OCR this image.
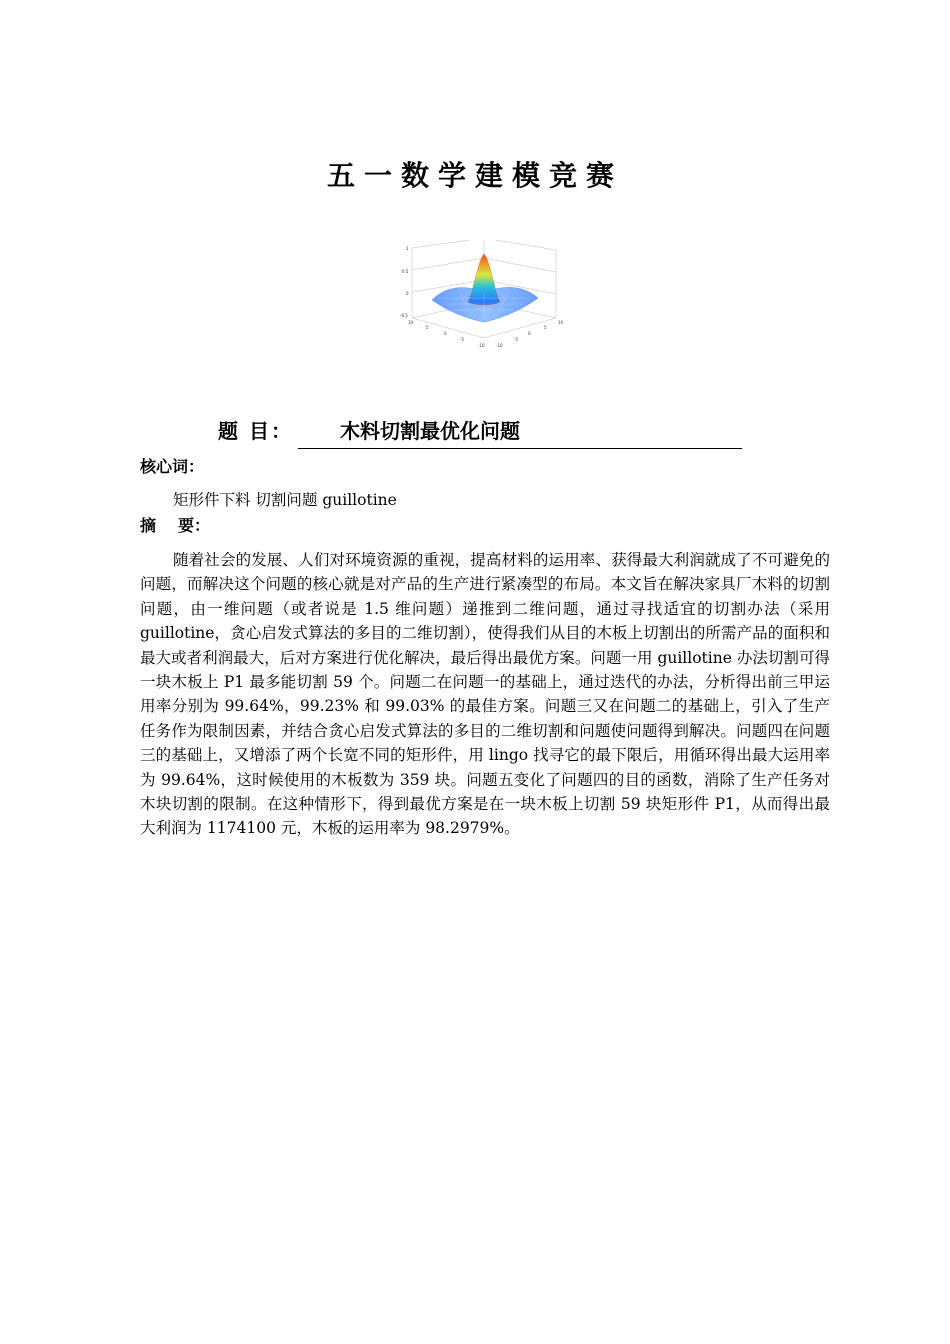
五一数学建模竞赛
1
0.5
0
-0.5
10
5
0
-5
-10
10
5
0
-5
-10
题 目： 木料切割最优化问题
核心词：
矩形件下料 切割问题 guillotine
摘 要：

随着社会的发展、人们对环境资源的重视，提高材料的运用率、获得最大利润就成了不可避免的问题，而解决这个问题的核心就是对产品的生产进行紧凑型的布局。本文旨在解决家具厂木料的切割问题，由一维问题（或者说是 1.5 维问题）递推到二维问题，通过寻找适宜的切割办法（采用 guillotine，贪心启发式算法的多目的二维切割），使得我们从目的木板上切割出的所需产品的面积和最大或者利润最大，后对方案进行优化解决，最后得出最优方案。问题一用 guillotine 办法切割可得一块木板上 P1 最多能切割 59 个。问题二在问题一的基础上，通过迭代的办法，分析得出前三甲运用率分别为 99.64%，99.23% 和 99.03% 的最佳方案。问题三又在问题二的基础上，引入了生产任务作为限制因素，并结合贪心启发式算法的多目的二维切割和问题使问题得到解决。问题四在问题三的基础上，又增添了两个长宽不同的矩形件，用 lingo 找寻它的最下限后，用循环得出最大运用率为 99.64%，这时候使用的木板数为 359 块。问题五变化了问题四的目的函数，消除了生产任务对木块切割的限制。在这种情形下，得到最优方案是在一块木板上切割 59 块矩形件 P1，从而得出最大利润为 1174100 元，木板的运用率为 98.2979%。
